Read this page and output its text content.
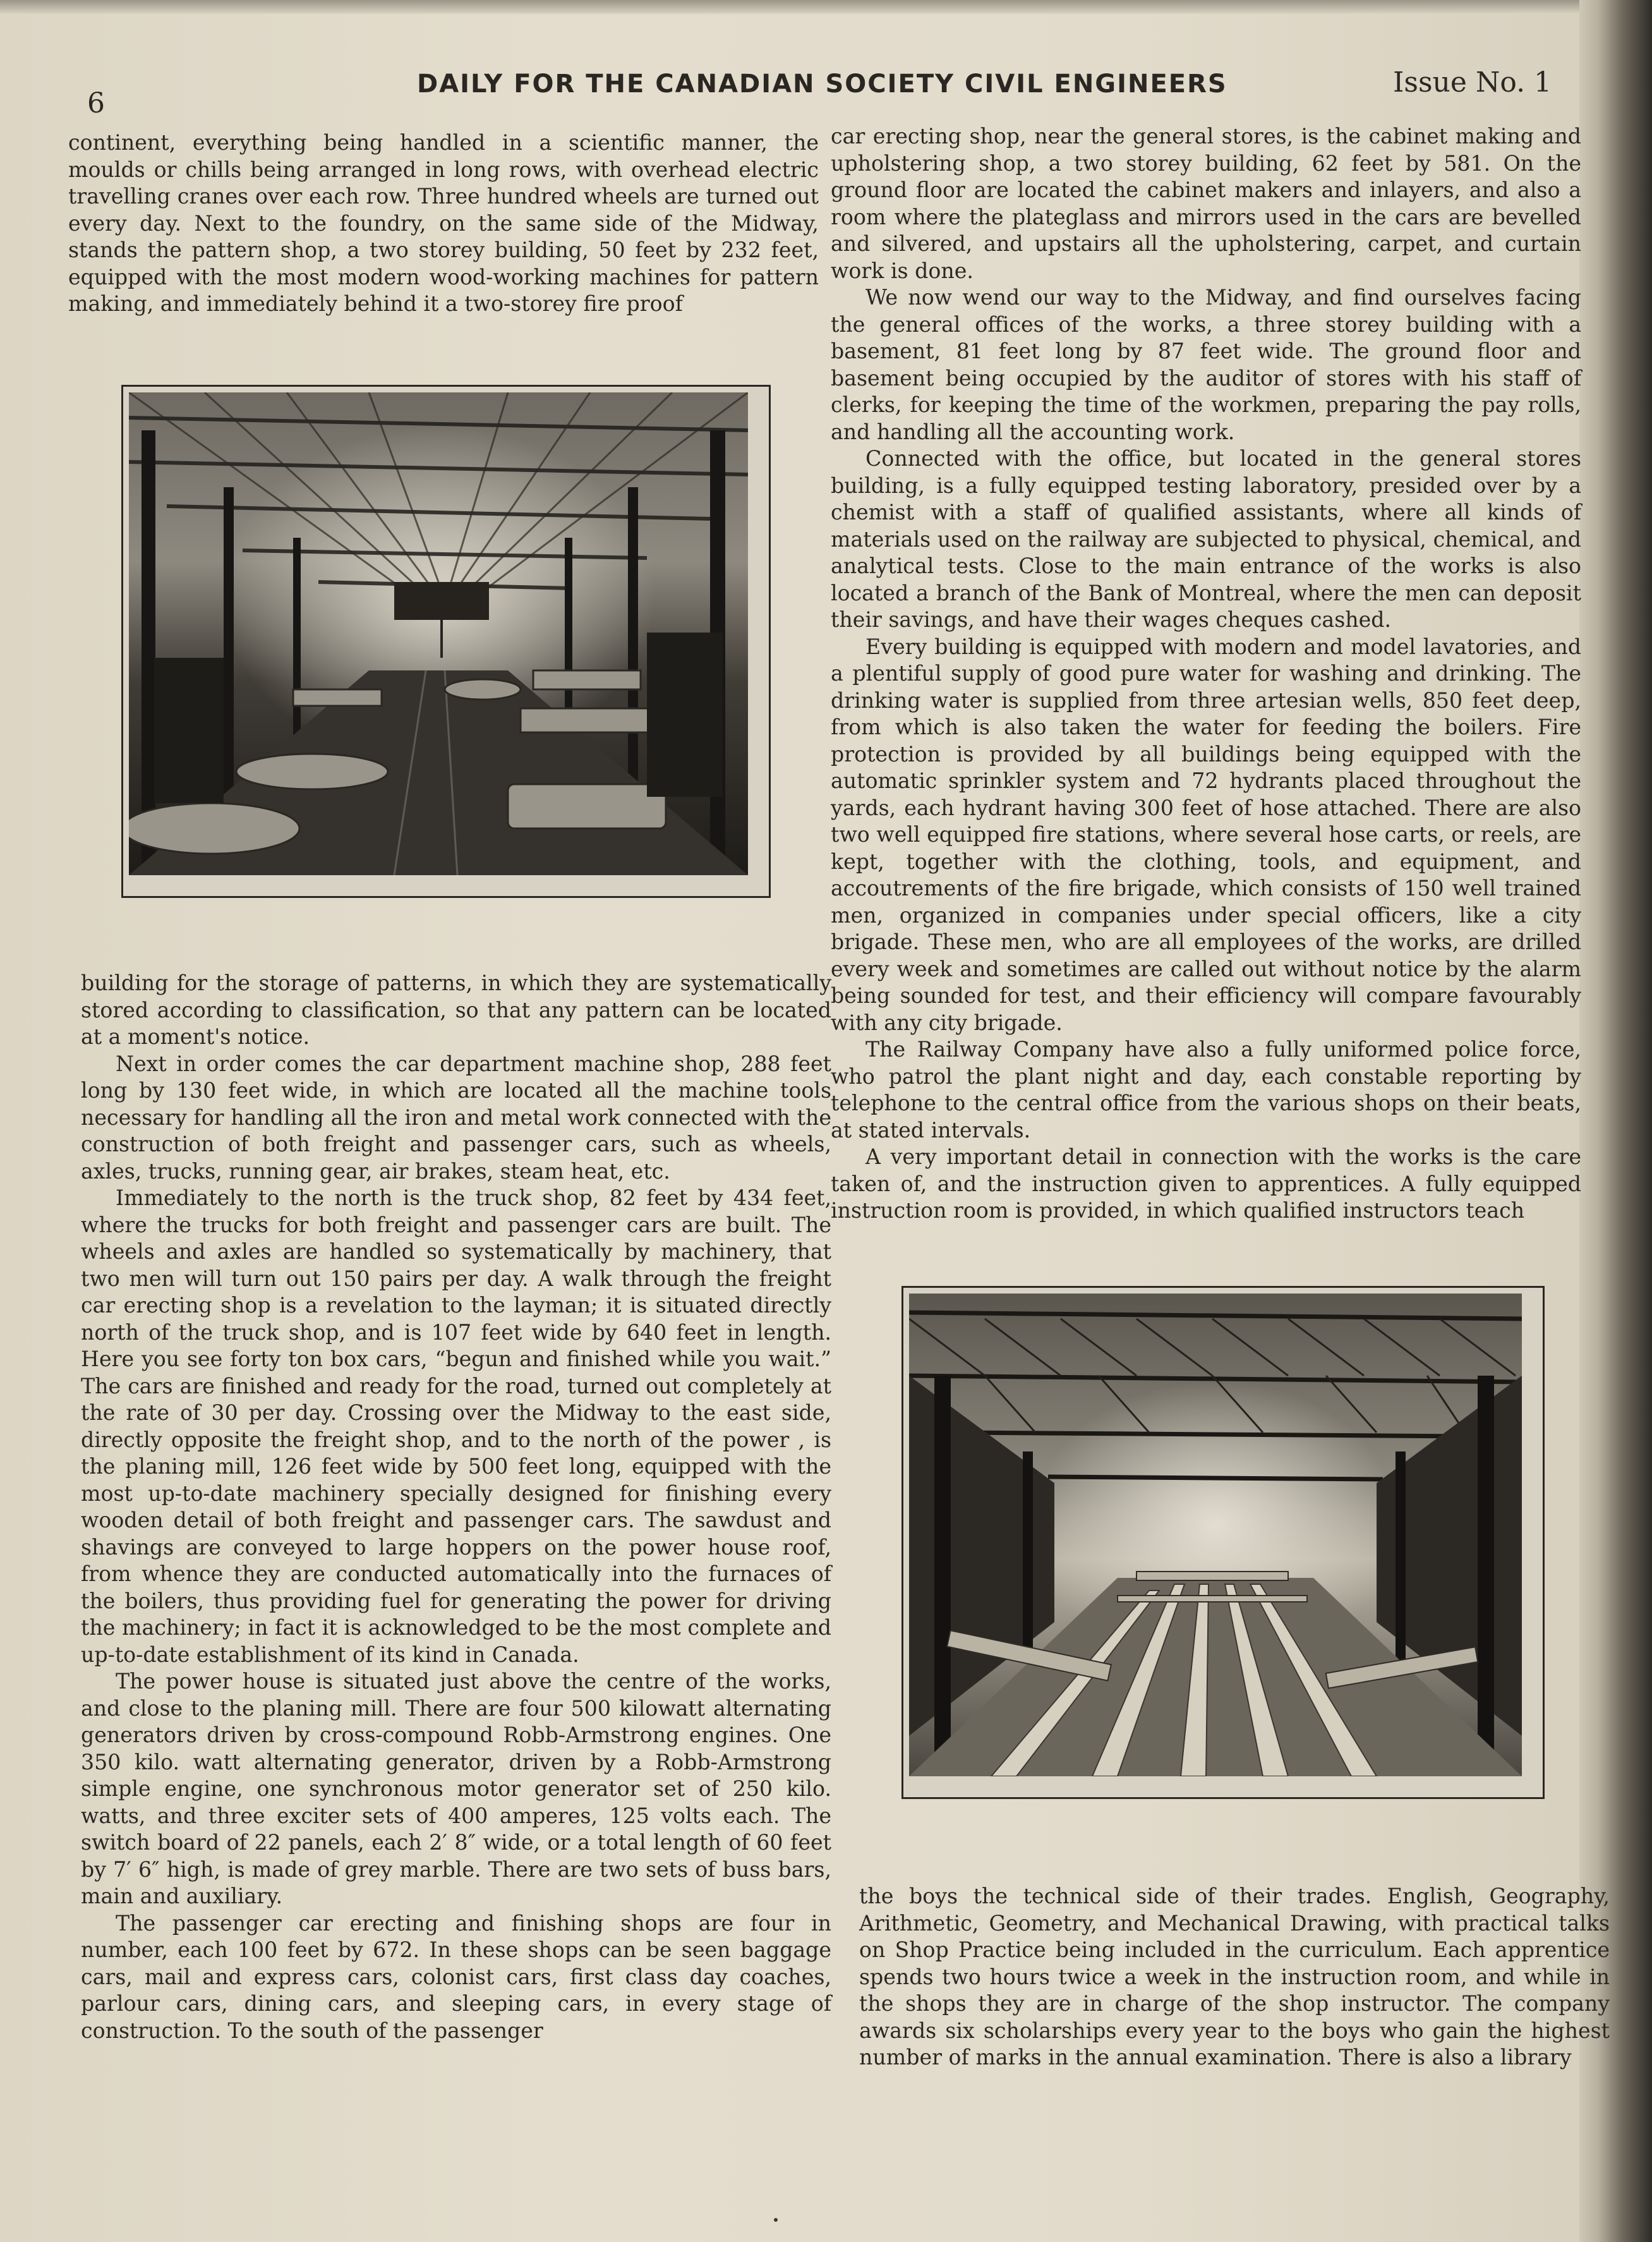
6
DAILY FOR THE CANADIAN SOCIETY CIVIL ENGINEERS	Issue No. 1

continent, everything being handled in a scientific manner, the moulds or chills being arranged in long rows, with overhead electric travelling cranes over each row. Three hundred wheels are turned out every day. Next to the foundry, on the same side of the Midway, stands the pattern shop, a two storey building, 50 feet by 232 feet, equipped with the most modern wood-working machines for pattern making, and immediately behind it a two-storey fire proof

building for the storage of patterns, in which they are systematically stored according to classification, so that any pattern can be located at a moment's notice.

Next in order comes the car department machine shop, 288 feet long by 130 feet wide, in which are located all the machine tools necessary for handling all the iron and metal work connected with the construction of both freight and passenger cars, such as wheels, axles, trucks, running gear, air brakes, steam heat, etc.

Immediately to the north is the truck shop, 82 feet by 434 feet, where the trucks for both freight and passenger cars are built. The wheels and axles are handled so systematically by machinery, that two men will turn out 150 pairs per day. A walk through the freight car erecting shop is a revelation to the layman; it is situated directly north of the truck shop, and is 107 feet wide by 640 feet in length. Here you see forty ton box cars, “begun and finished while you wait.” The cars are finished and ready for the road, turned out completely at the rate of 30 per day. Crossing over the Midway to the east side, directly opposite the freight shop, and to the north of the power , is the planing mill, 126 feet wide by 500 feet long, equipped with the most up-to-date machinery specially designed for finishing every wooden detail of both freight and passenger cars. The sawdust and shavings are conveyed to large hoppers on the power house roof, from whence they are conducted automatically into the furnaces of the boilers, thus providing fuel for generating the power for driving the machinery; in fact it is acknowledged to be the most complete and up-to-date establishment of its kind in Canada.

The power house is situated just above the centre of the works, and close to the planing mill. There are four 500 kilowatt alternating generators driven by cross-compound Robb-Armstrong engines. One 350 kilo. watt alternating generator, driven by a Robb-Armstrong simple engine, one synchronous motor generator set of 250 kilo. watts, and three exciter sets of 400 amperes, 125 volts each. The switch board of 22 panels, each 2′ 8″ wide, or a total length of 60 feet by 7′ 6″ high, is made of grey marble. There are two sets of buss bars, main and auxiliary.

The passenger car erecting and finishing shops are four in number, each 100 feet by 672. In these shops can be seen baggage cars, mail and express cars, colonist cars, first class day coaches, parlour cars, dining cars, and sleeping cars, in every stage of construction. To the south of the passenger

car erecting shop, near the general stores, is the cabinet making and upholstering shop, a two storey building, 62 feet by 581. On the ground floor are located the cabinet makers and inlayers, and also a room where the plateglass and mirrors used in the cars are bevelled and silvered, and upstairs all the upholstering, carpet, and curtain work is done.

We now wend our way to the Midway, and find ourselves facing the general offices of the works, a three storey building with a basement, 81 feet long by 87 feet wide. The ground floor and basement being occupied by the auditor of stores with his staff of clerks, for keeping the time of the workmen, preparing the pay rolls, and handling all the accounting work.

Connected with the office, but located in the general stores building, is a fully equipped testing laboratory, presided over by a chemist with a staff of qualified assistants, where all kinds of materials used on the railway are subjected to physical, chemical, and analytical tests. Close to the main entrance of the works is also located a branch of the Bank of Montreal, where the men can deposit their savings, and have their wages cheques cashed.

Every building is equipped with modern and model lavatories, and a plentiful supply of good pure water for washing and drinking. The drinking water is supplied from three artesian wells, 850 feet deep, from which is also taken the water for feeding the boilers. Fire protection is provided by all buildings being equipped with the automatic sprinkler system and 72 hydrants placed throughout the yards, each hydrant having 300 feet of hose attached. There are also two well equipped fire stations, where several hose carts, or reels, are kept, together with the clothing, tools, and equipment, and accoutrements of the fire brigade, which consists of 150 well trained men, organized in companies under special officers, like a city brigade. These men, who are all employees of the works, are drilled every week and sometimes are called out without notice by the alarm being sounded for test, and their efficiency will compare favourably with any city brigade.

The Railway Company have also a fully uniformed police force, who patrol the plant night and day, each constable reporting by telephone to the central office from the various shops on their beats, at stated intervals.

A very important detail in connection with the works is the care taken of, and the instruction given to apprentices. A fully equipped instruction room is provided, in which qualified instructors teach

the boys the technical side of their trades. English, Geography, Arithmetic, Geometry, and Mechanical Drawing, with practical talks on Shop Practice being included in the curriculum. Each apprentice spends two hours twice a week in the instruction room, and while in the shops they are in charge of the shop instructor. The company awards six scholarships every year to the boys who gain the highest number of marks in the annual examination. There is also a library
